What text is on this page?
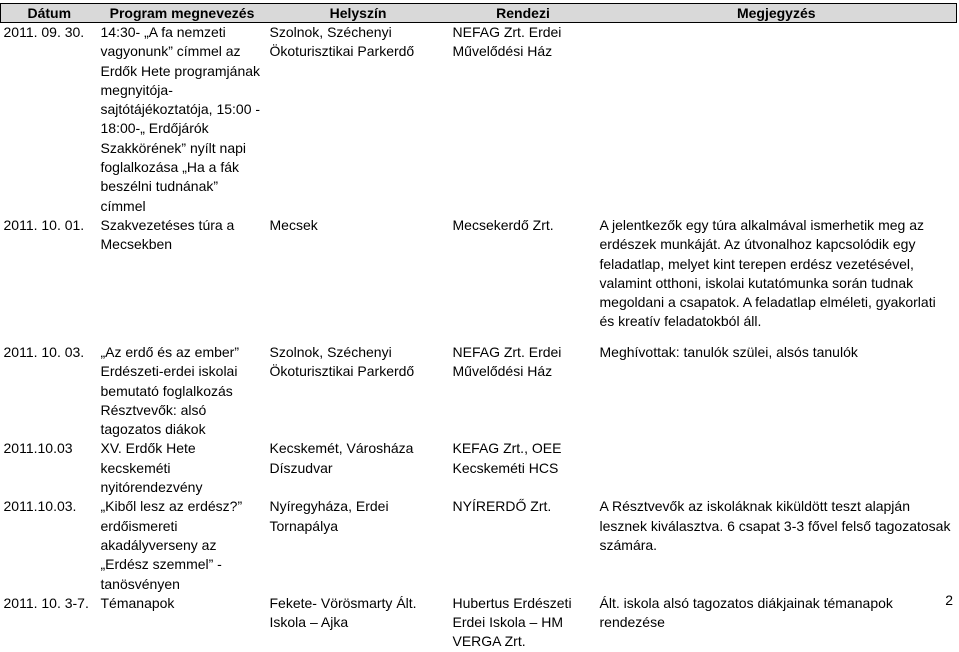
Dátum	Program megnevezés	Helyszín	Rendezi	Megjegyzés
2011. 09. 30.	14:30- „A fa nemzeti vagyonunk” címmel az Erdők Hete programjának megnyitója-sajtótájékoztatója, 15:00 - 18:00-„ Erdőjárók Szakkörének” nyílt napi foglalkozása „Ha a fák beszélni tudnának” címmel	Szolnok, Széchenyi Ökoturisztikai Parkerdő	NEFAG Zrt. Erdei Művelődési Ház	
2011. 10. 01.	Szakvezetéses túra a Mecsekben	Mecsek	Mecsekerdő Zrt.	A jelentkezők egy túra alkalmával ismerhetik meg az erdészek munkáját. Az útvonalhoz kapcsolódik egy feladatlap, melyet kint terepen erdész vezetésével, valamint otthoni, iskolai kutatómunka során tudnak megoldani a csapatok. A feladatlap elméleti, gyakorlati és kreatív feladatokból áll.
2011. 10. 03.	„Az erdő és az ember” Erdészeti-erdei iskolai bemutató foglalkozás Résztvevők: alsó tagozatos diákok	Szolnok, Széchenyi Ökoturisztikai Parkerdő	NEFAG Zrt. Erdei Művelődési Ház	Meghívottak: tanulók szülei, alsós tanulók
2011.10.03	XV. Erdők Hete kecskeméti nyitórendezvény	Kecskemét, Városháza Díszudvar	KEFAG Zrt., OEE Kecskeméti HCS	
2011.10.03.	„Kiből lesz az erdész?” erdőismereti akadályverseny az „Erdész szemmel” - tanösvényen	Nyíregyháza, Erdei Tornapálya	NYÍRERDŐ Zrt.	A Résztvevők az iskoláknak kiküldött teszt alapján lesznek kiválasztva. 6 csapat 3-3 fővel felső tagozatosak számára.
2011. 10. 3-7.	Témanapok	Fekete- Vörösmarty Ált. Iskola – Ajka	Hubertus Erdészeti Erdei Iskola – HM VERGA Zrt.	Ált. iskola alsó tagozatos diákjainak témanapok rendezése
2
